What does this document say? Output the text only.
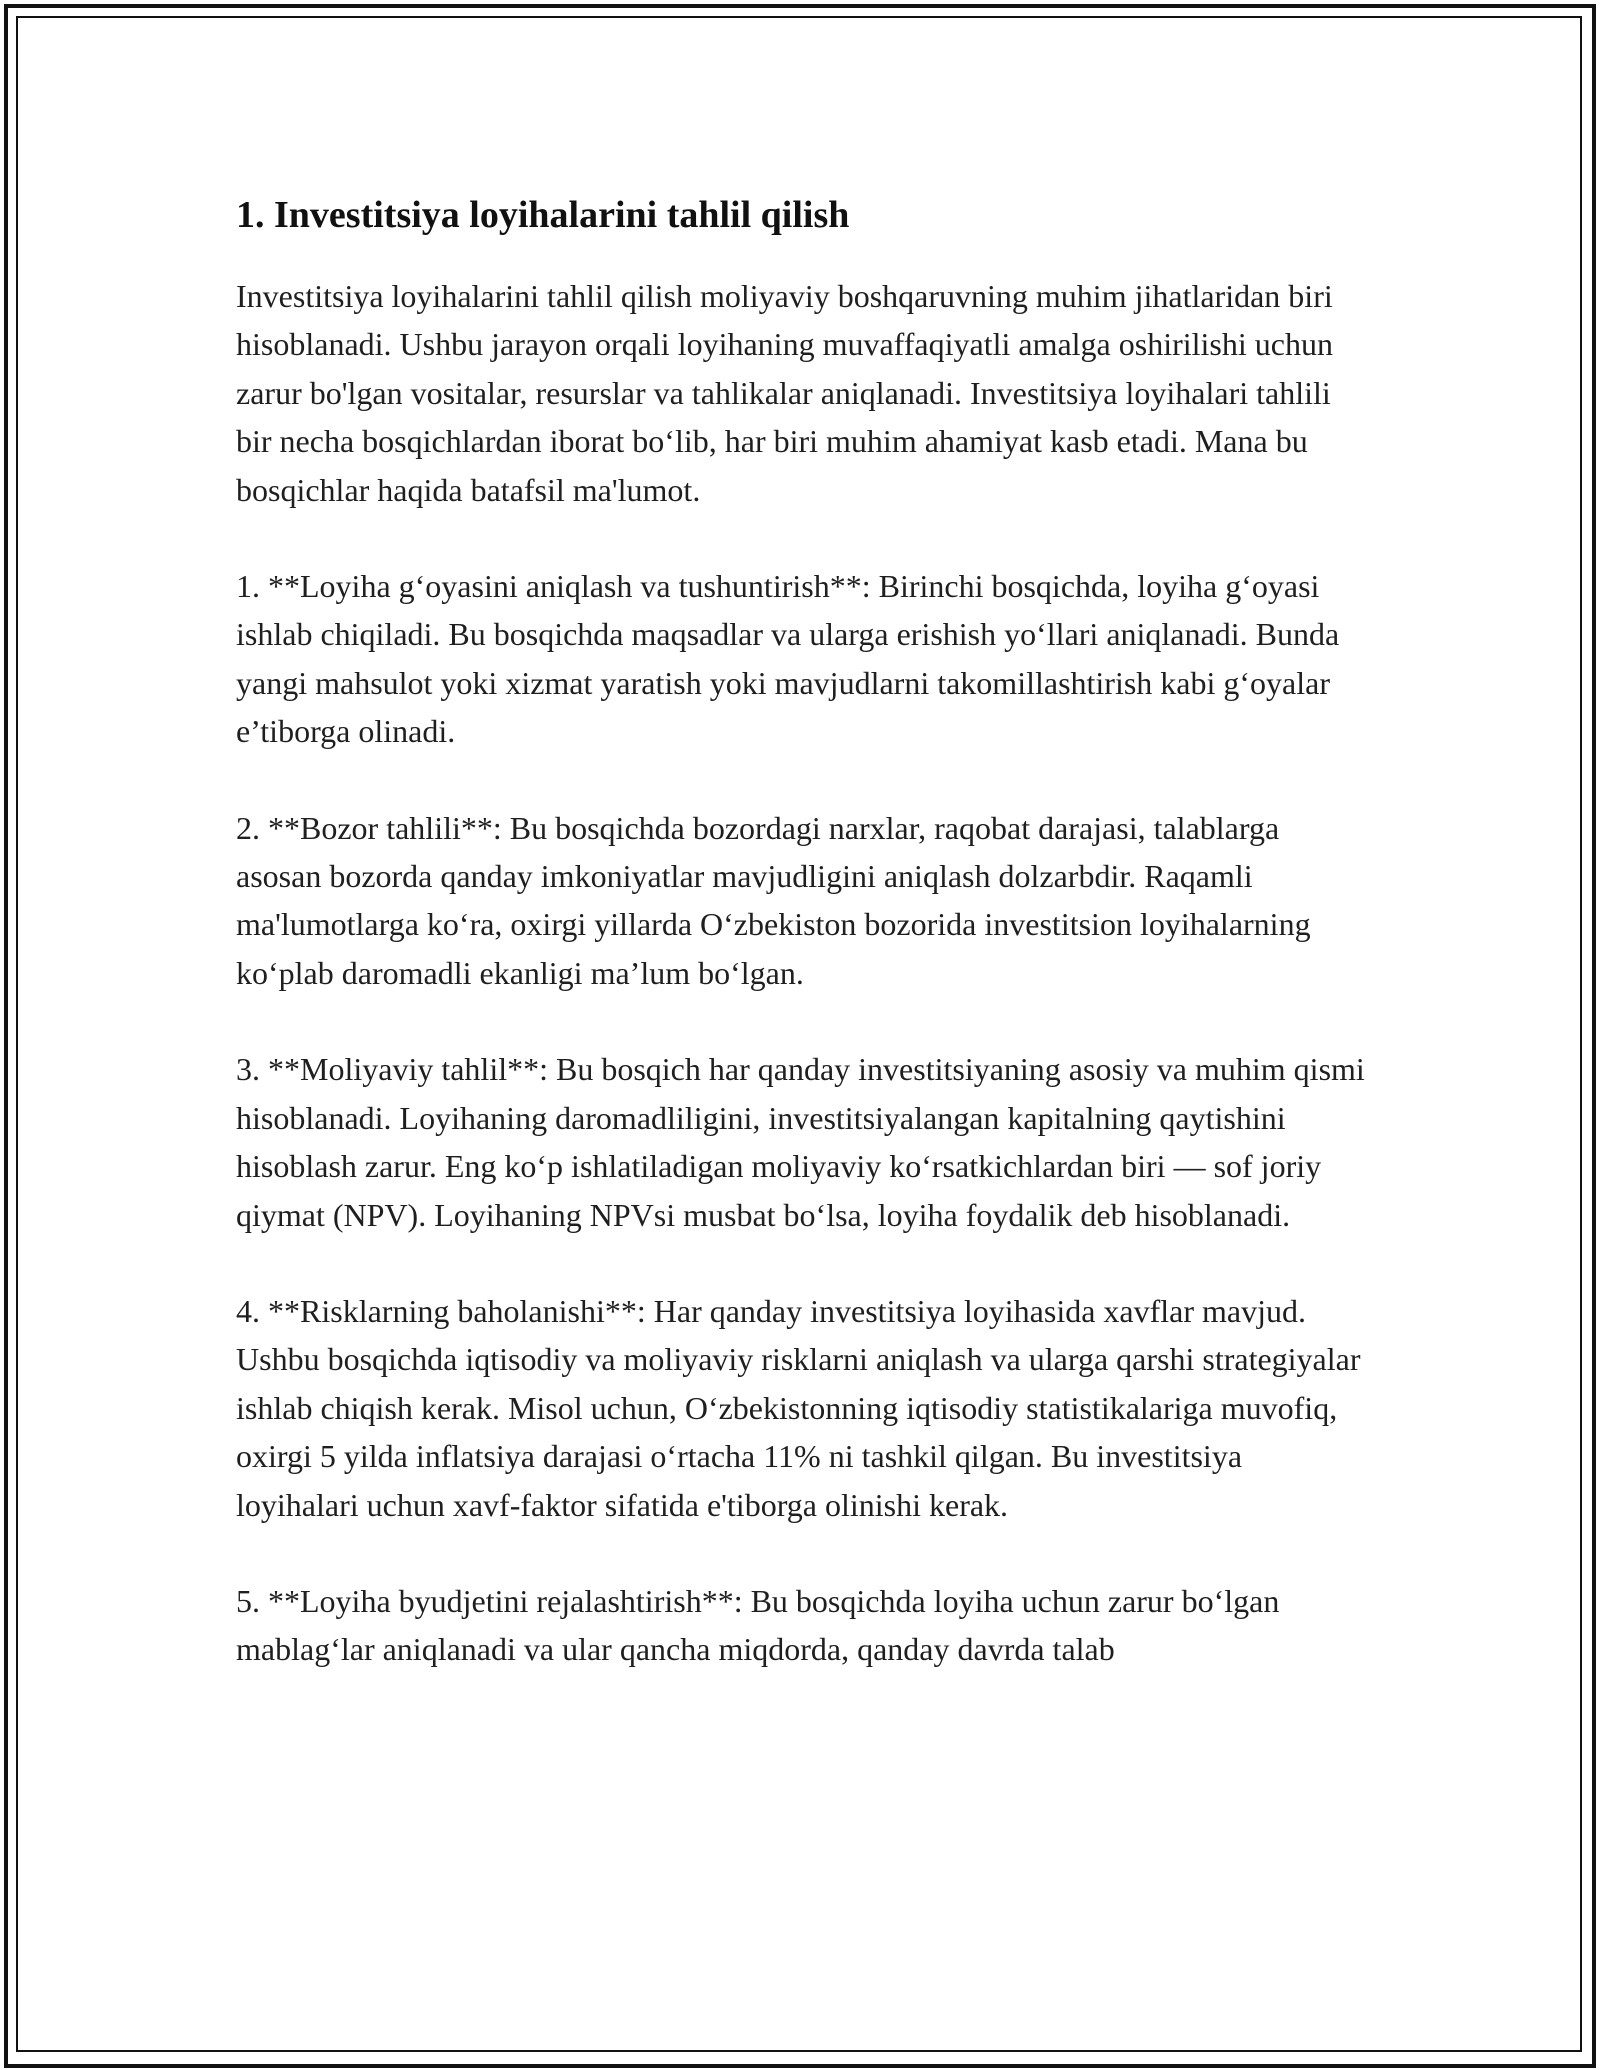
1. Investitsiya loyihalarini tahlil qilish

Investitsiya loyihalarini tahlil qilish moliyaviy boshqaruvning muhim jihatlaridan biri hisoblanadi. Ushbu jarayon orqali loyihaning muvaffaqiyatli amalga oshirilishi uchun zarur bo'lgan vositalar, resurslar va tahlikalar aniqlanadi. Investitsiya loyihalari tahlili bir necha bosqichlardan iborat bo‘lib, har biri muhim ahamiyat kasb etadi. Mana bu bosqichlar haqida batafsil ma'lumot.

1. **Loyiha g‘oyasini aniqlash va tushuntirish**: Birinchi bosqichda, loyiha g‘oyasi ishlab chiqiladi. Bu bosqichda maqsadlar va ularga erishish yo‘llari aniqlanadi. Bunda yangi mahsulot yoki xizmat yaratish yoki mavjudlarni takomillashtirish kabi g‘oyalar e’tiborga olinadi.

2. **Bozor tahlili**: Bu bosqichda bozordagi narxlar, raqobat darajasi, talablarga asosan bozorda qanday imkoniyatlar mavjudligini aniqlash dolzarbdir. Raqamli ma'lumotlarga ko‘ra, oxirgi yillarda O‘zbekiston bozorida investitsion loyihalarning ko‘plab daromadli ekanligi ma’lum bo‘lgan.

3. **Moliyaviy tahlil**: Bu bosqich har qanday investitsiyaning asosiy va muhim qismi hisoblanadi. Loyihaning daromadliligini, investitsiyalangan kapitalning qaytishini hisoblash zarur. Eng ko‘p ishlatiladigan moliyaviy ko‘rsatkichlardan biri — sof joriy qiymat (NPV). Loyihaning NPVsi musbat bo‘lsa, loyiha foydalik deb hisoblanadi.

4. **Risklarning baholanishi**: Har qanday investitsiya loyihasida xavflar mavjud. Ushbu bosqichda iqtisodiy va moliyaviy risklarni aniqlash va ularga qarshi strategiyalar ishlab chiqish kerak. Misol uchun, O‘zbekistonning iqtisodiy statistikalariga muvofiq, oxirgi 5 yilda inflatsiya darajasi o‘rtacha 11% ni tashkil qilgan. Bu investitsiya loyihalari uchun xavf-faktor sifatida e'tiborga olinishi kerak.

5. **Loyiha byudjetini rejalashtirish**: Bu bosqichda loyiha uchun zarur bo‘lgan mablag‘lar aniqlanadi va ular qancha miqdorda, qanday davrda talab
